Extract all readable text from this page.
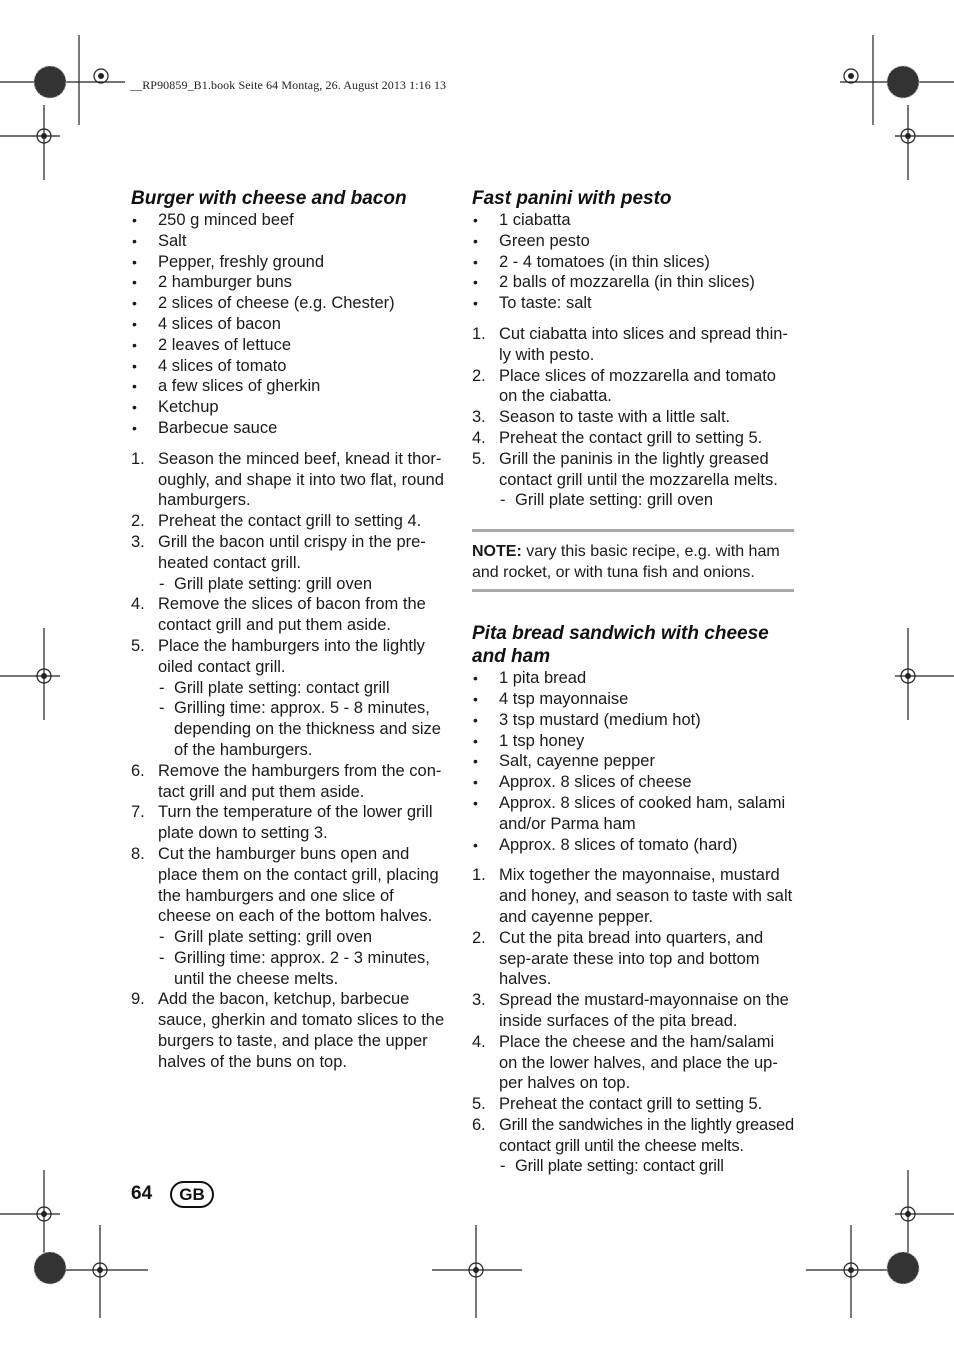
__RP90859_B1.book Seite 64 Montag, 26. August 2013 1:16 13
Burger with cheese and bacon
• 250 g minced beef
• Salt
• Pepper, freshly ground
• 2 hamburger buns
• 2 slices of cheese (e.g. Chester)
• 4 slices of bacon
• 2 leaves of lettuce
• 4 slices of tomato
• a few slices of gherkin
• Ketchup
• Barbecue sauce
1. Season the minced beef, knead it thor-oughly, and shape it into two flat, round hamburgers.
2. Preheat the contact grill to setting 4.
3. Grill the bacon until crispy in the pre-heated contact grill.
- Grill plate setting: grill oven
4. Remove the slices of bacon from the contact grill and put them aside.
5. Place the hamburgers into the lightly oiled contact grill.
- Grill plate setting: contact grill
- Grilling time: approx. 5 - 8 minutes, depending on the thickness and size of the hamburgers.
6. Remove the hamburgers from the con-tact grill and put them aside.
7. Turn the temperature of the lower grill plate down to setting 3.
8. Cut the hamburger buns open and place them on the contact grill, placing the hamburgers and one slice of cheese on each of the bottom halves.
- Grill plate setting: grill oven
- Grilling time: approx. 2 - 3 minutes, until the cheese melts.
9. Add the bacon, ketchup, barbecue sauce, gherkin and tomato slices to the burgers to taste, and place the upper halves of the buns on top.
Fast panini with pesto
• 1 ciabatta
• Green pesto
• 2 - 4 tomatoes (in thin slices)
• 2 balls of mozzarella (in thin slices)
• To taste: salt
1. Cut ciabatta into slices and spread thin-ly with pesto.
2. Place slices of mozzarella and tomato on the ciabatta.
3. Season to taste with a little salt.
4. Preheat the contact grill to setting 5.
5. Grill the paninis in the lightly greased contact grill until the mozzarella melts.
- Grill plate setting: grill oven
NOTE: vary this basic recipe, e.g. with ham and rocket, or with tuna fish and onions.
Pita bread sandwich with cheese and ham
• 1 pita bread
• 4 tsp mayonnaise
• 3 tsp mustard (medium hot)
• 1 tsp honey
• Salt, cayenne pepper
• Approx. 8 slices of cheese
• Approx. 8 slices of cooked ham, salami and/or Parma ham
• Approx. 8 slices of tomato (hard)
1. Mix together the mayonnaise, mustard and honey, and season to taste with salt and cayenne pepper.
2. Cut the pita bread into quarters, and sep-arate these into top and bottom halves.
3. Spread the mustard-mayonnaise on the inside surfaces of the pita bread.
4. Place the cheese and the ham/salami on the lower halves, and place the up-per halves on top.
5. Preheat the contact grill to setting 5.
6. Grill the sandwiches in the lightly greased contact grill until the cheese melts.
- Grill plate setting: contact grill
64	GB
